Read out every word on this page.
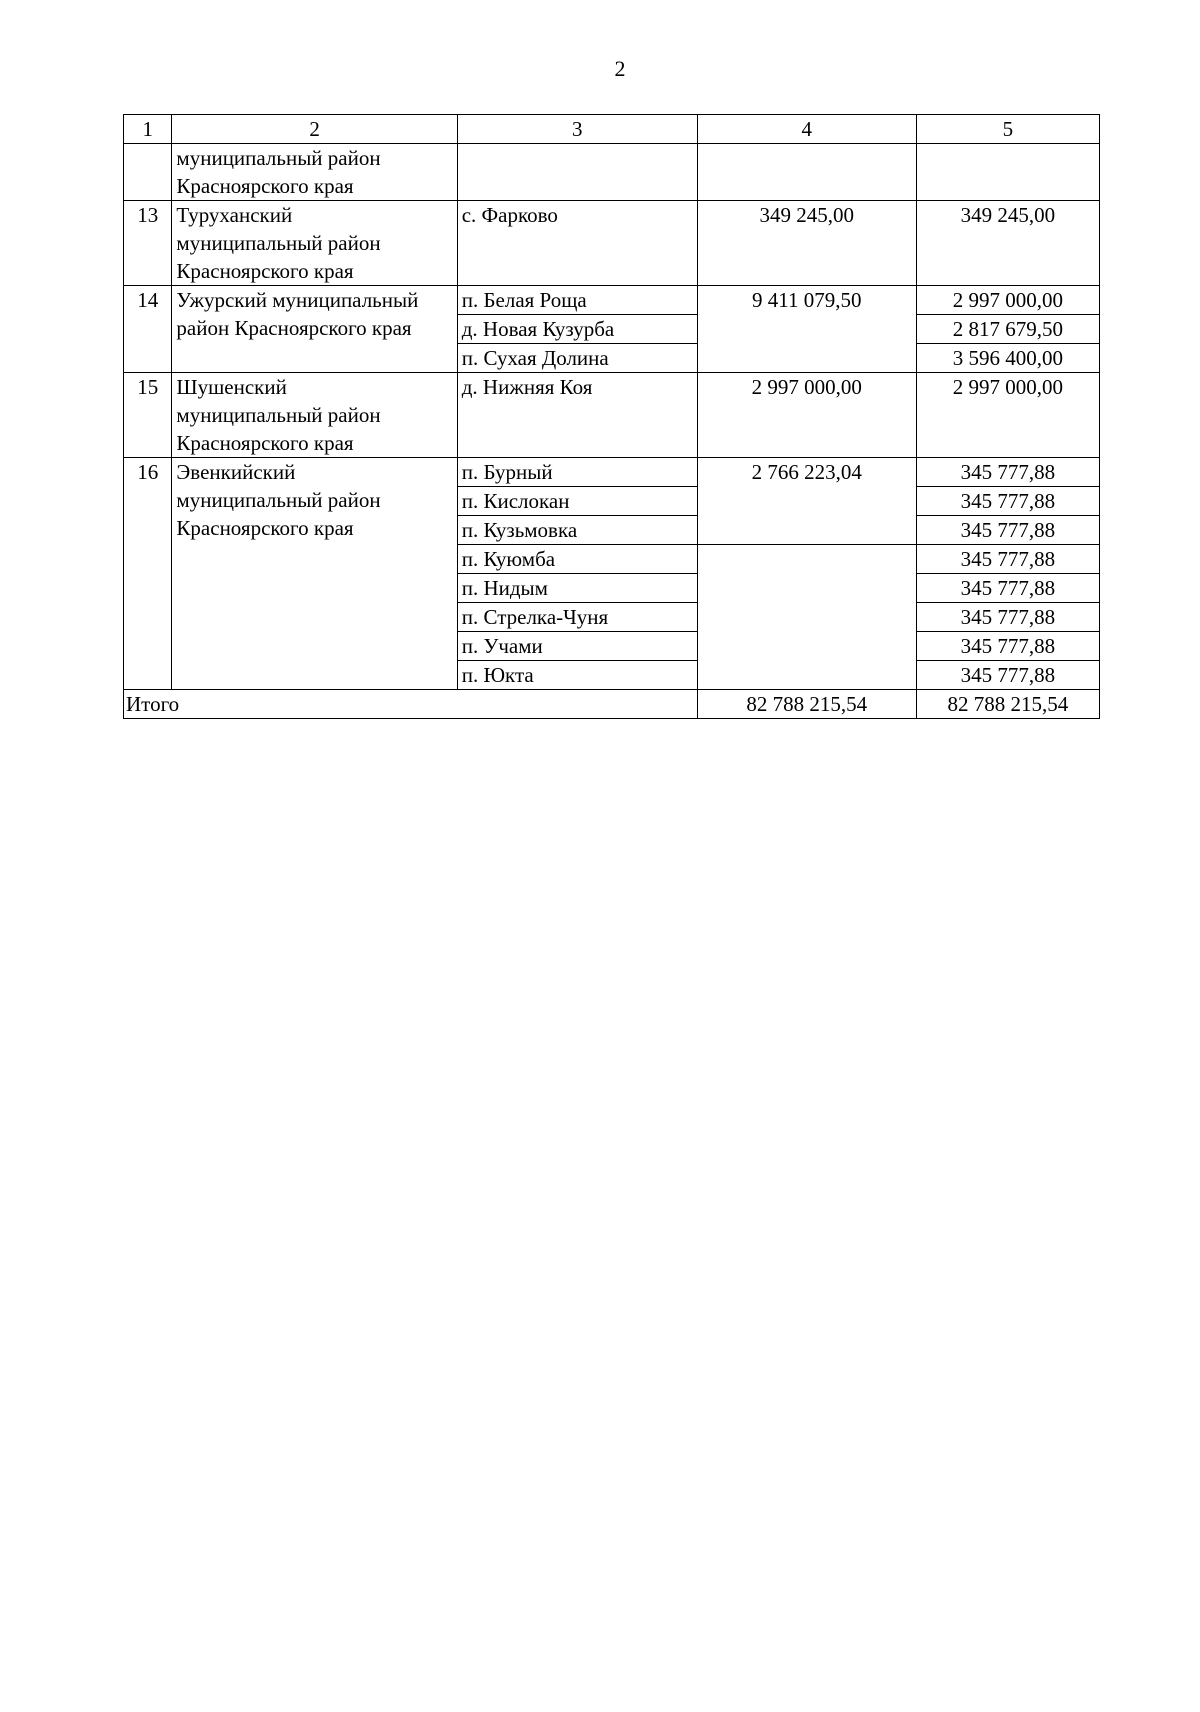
2
1	2	3	4	5

	муниципальный район
Красноярского края			

13	Туруханский
муниципальный район
Красноярского края	с. Фарково	349 245,00	349 245,00
14	Ужурский муниципальный
район Красноярского края	п. Белая Роща	9 411 079,50	2 997 000,00
		д. Новая Кузурба		2 817 679,50
		п. Сухая Долина		3 596 400,00
15	Шушенский
муниципальный район
Красноярского края	д. Нижняя Коя	2 997 000,00	2 997 000,00
16	Эвенкийский
муниципальный район
Красноярского края	п. Бурный	2 766 223,04	345 777,88
		п. Кислокан		345 777,88
		п. Кузьмовка		345 777,88
		п. Куюмба		345 777,88
		п. Нидым		345 777,88
		п. Стрелка-Чуня		345 777,88
		п. Учами		345 777,88
		п. Юкта		345 777,88
Итого			82 788 215,54	82 788 215,54
